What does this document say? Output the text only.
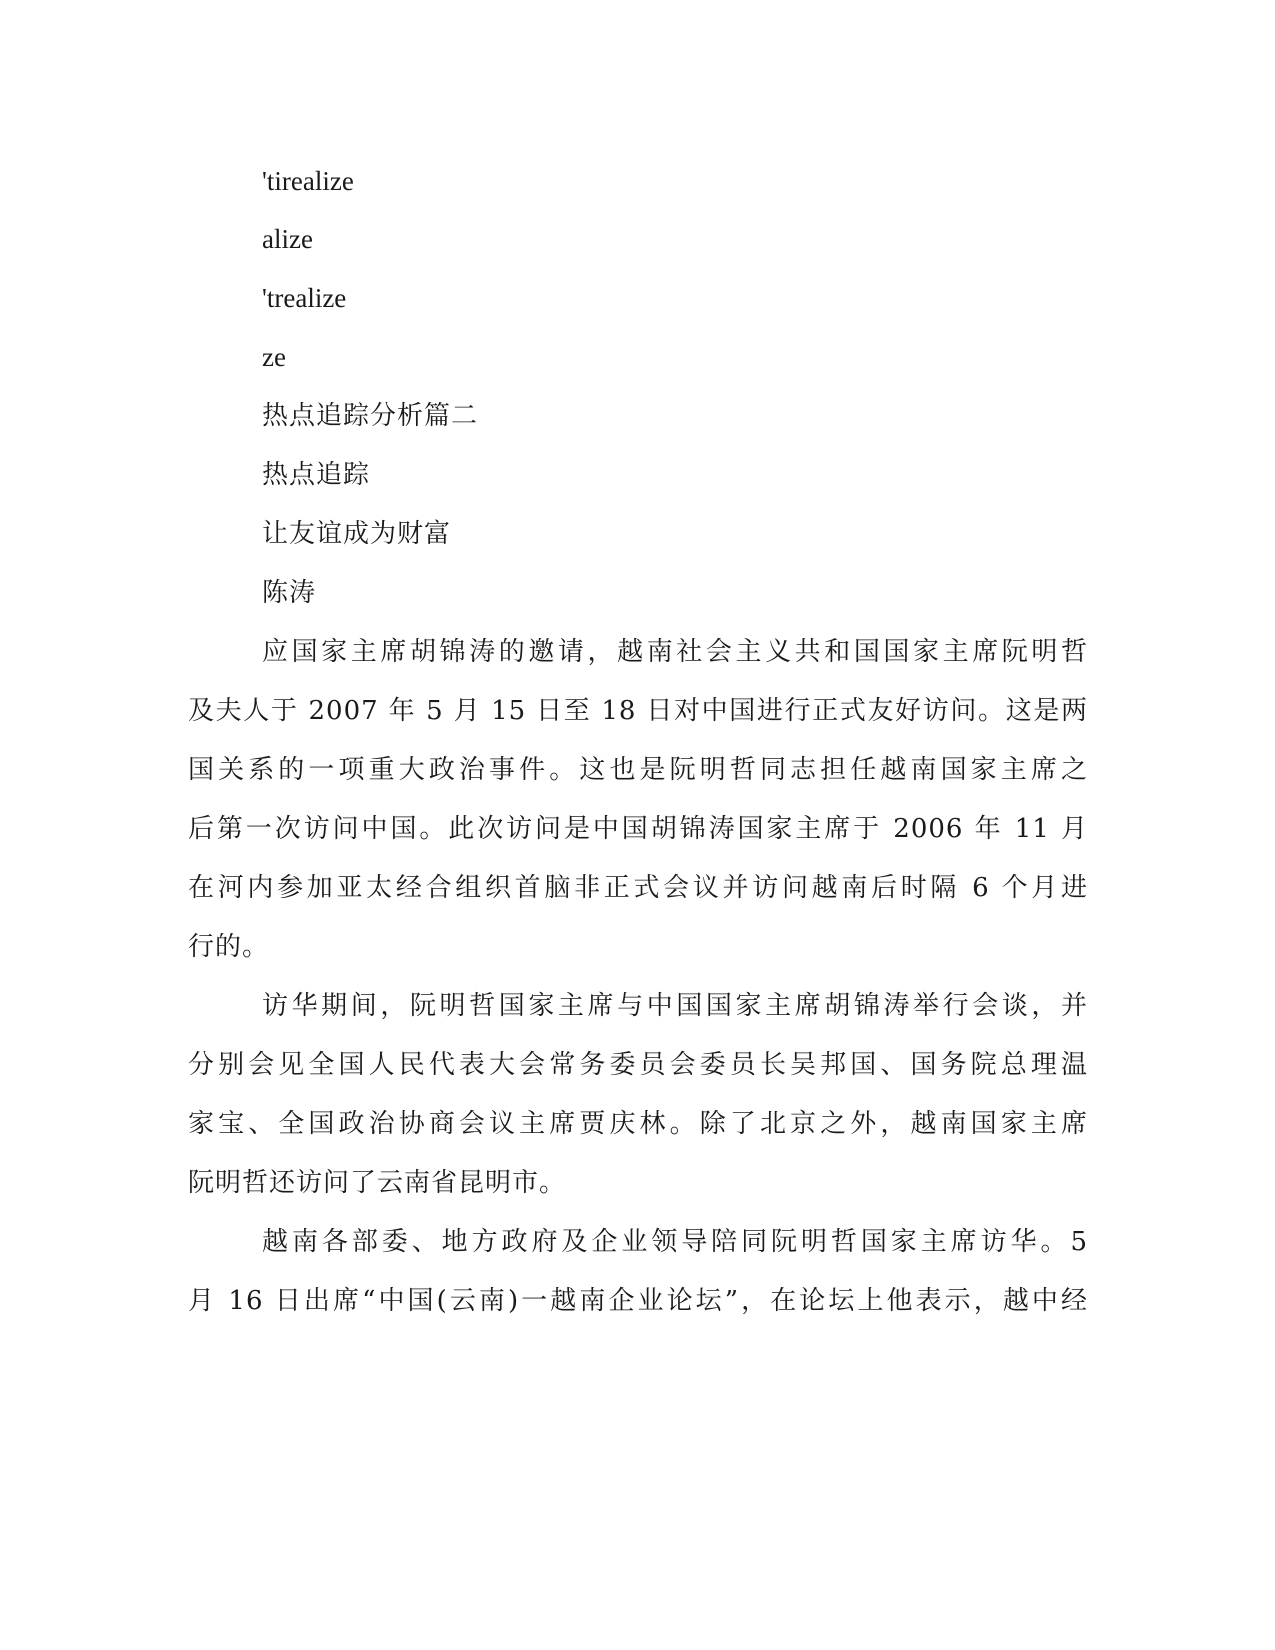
'tirealize
alize
'trealize
ze
热点追踪分析篇二
热点追踪
让友谊成为财富
陈涛
应国家主席胡锦涛的邀请，越南社会主义共和国国家主席阮明哲
及夫人于 2007 年 5 月 15 日至 18 日对中国进行正式友好访问。这是两
国关系的一项重大政治事件。这也是阮明哲同志担任越南国家主席之
后第一次访问中国。此次访问是中国胡锦涛国家主席于 2006 年 11 月
在河内参加亚太经合组织首脑非正式会议并访问越南后时隔 6 个月进
行的。
访华期间，阮明哲国家主席与中国国家主席胡锦涛举行会谈，并
分别会见全国人民代表大会常务委员会委员长吴邦国、国务院总理温
家宝、全国政治协商会议主席贾庆林。除了北京之外，越南国家主席
阮明哲还访问了云南省昆明市。
越南各部委、地方政府及企业领导陪同阮明哲国家主席访华。5
月 16 日出席“中国(云南)一越南企业论坛”，在论坛上他表示，越中经
